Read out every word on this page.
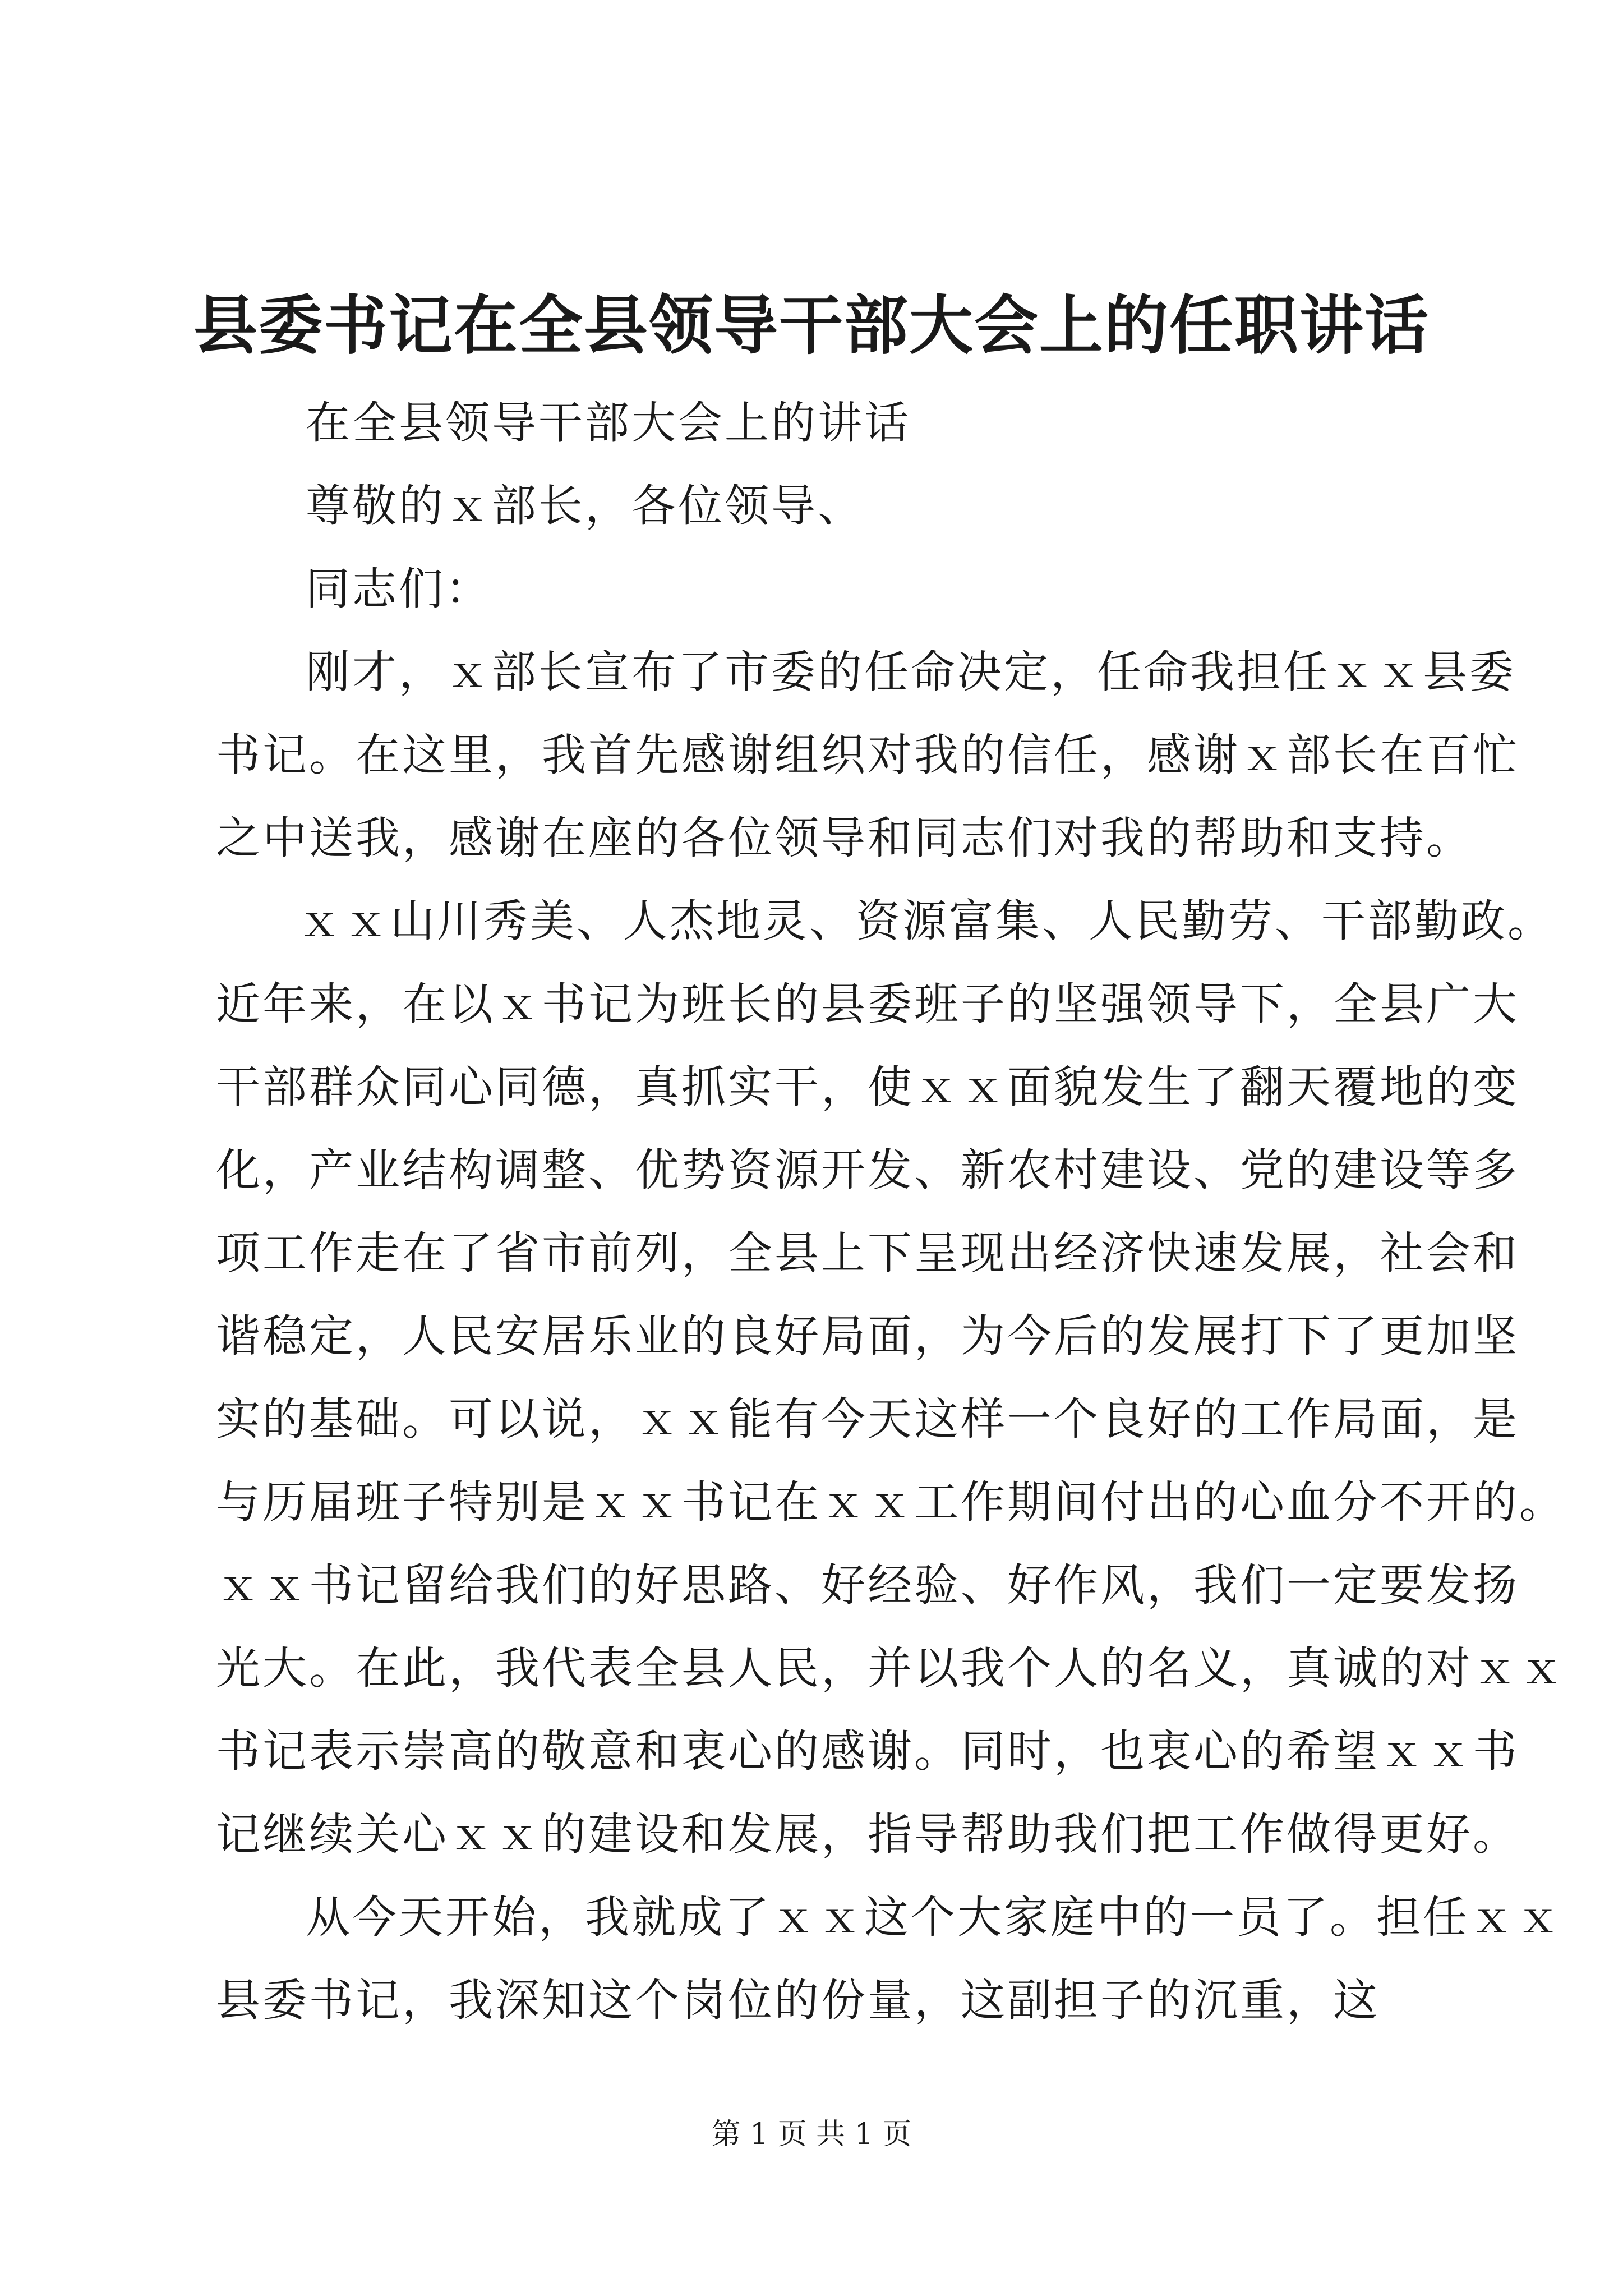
县委书记在全县领导干部大会上的任职讲话
在全县领导干部大会上的讲话
尊敬的ｘ部长，各位领导、
同志们：
刚才，ｘ部长宣布了市委的任命决定，任命我担任ｘｘ县委
书记。在这里，我首先感谢组织对我的信任，感谢ｘ部长在百忙
之中送我，感谢在座的各位领导和同志们对我的帮助和支持。
ｘｘ山川秀美、人杰地灵、资源富集、人民勤劳、干部勤政。
近年来，在以ｘ书记为班长的县委班子的坚强领导下，全县广大
干部群众同心同德，真抓实干，使ｘｘ面貌发生了翻天覆地的变
化，产业结构调整、优势资源开发、新农村建设、党的建设等多
项工作走在了省市前列，全县上下呈现出经济快速发展，社会和
谐稳定，人民安居乐业的良好局面，为今后的发展打下了更加坚
实的基础。可以说，ｘｘ能有今天这样一个良好的工作局面，是
与历届班子特别是ｘｘ书记在ｘｘ工作期间付出的心血分不开的。
ｘｘ书记留给我们的好思路、好经验、好作风，我们一定要发扬
光大。在此，我代表全县人民，并以我个人的名义，真诚的对ｘｘ
书记表示崇高的敬意和衷心的感谢。同时，也衷心的希望ｘｘ书
记继续关心ｘｘ的建设和发展，指导帮助我们把工作做得更好。
从今天开始，我就成了ｘｘ这个大家庭中的一员了。担任ｘｘ
县委书记，我深知这个岗位的份量，这副担子的沉重，这
第 1 页 共 1 页
